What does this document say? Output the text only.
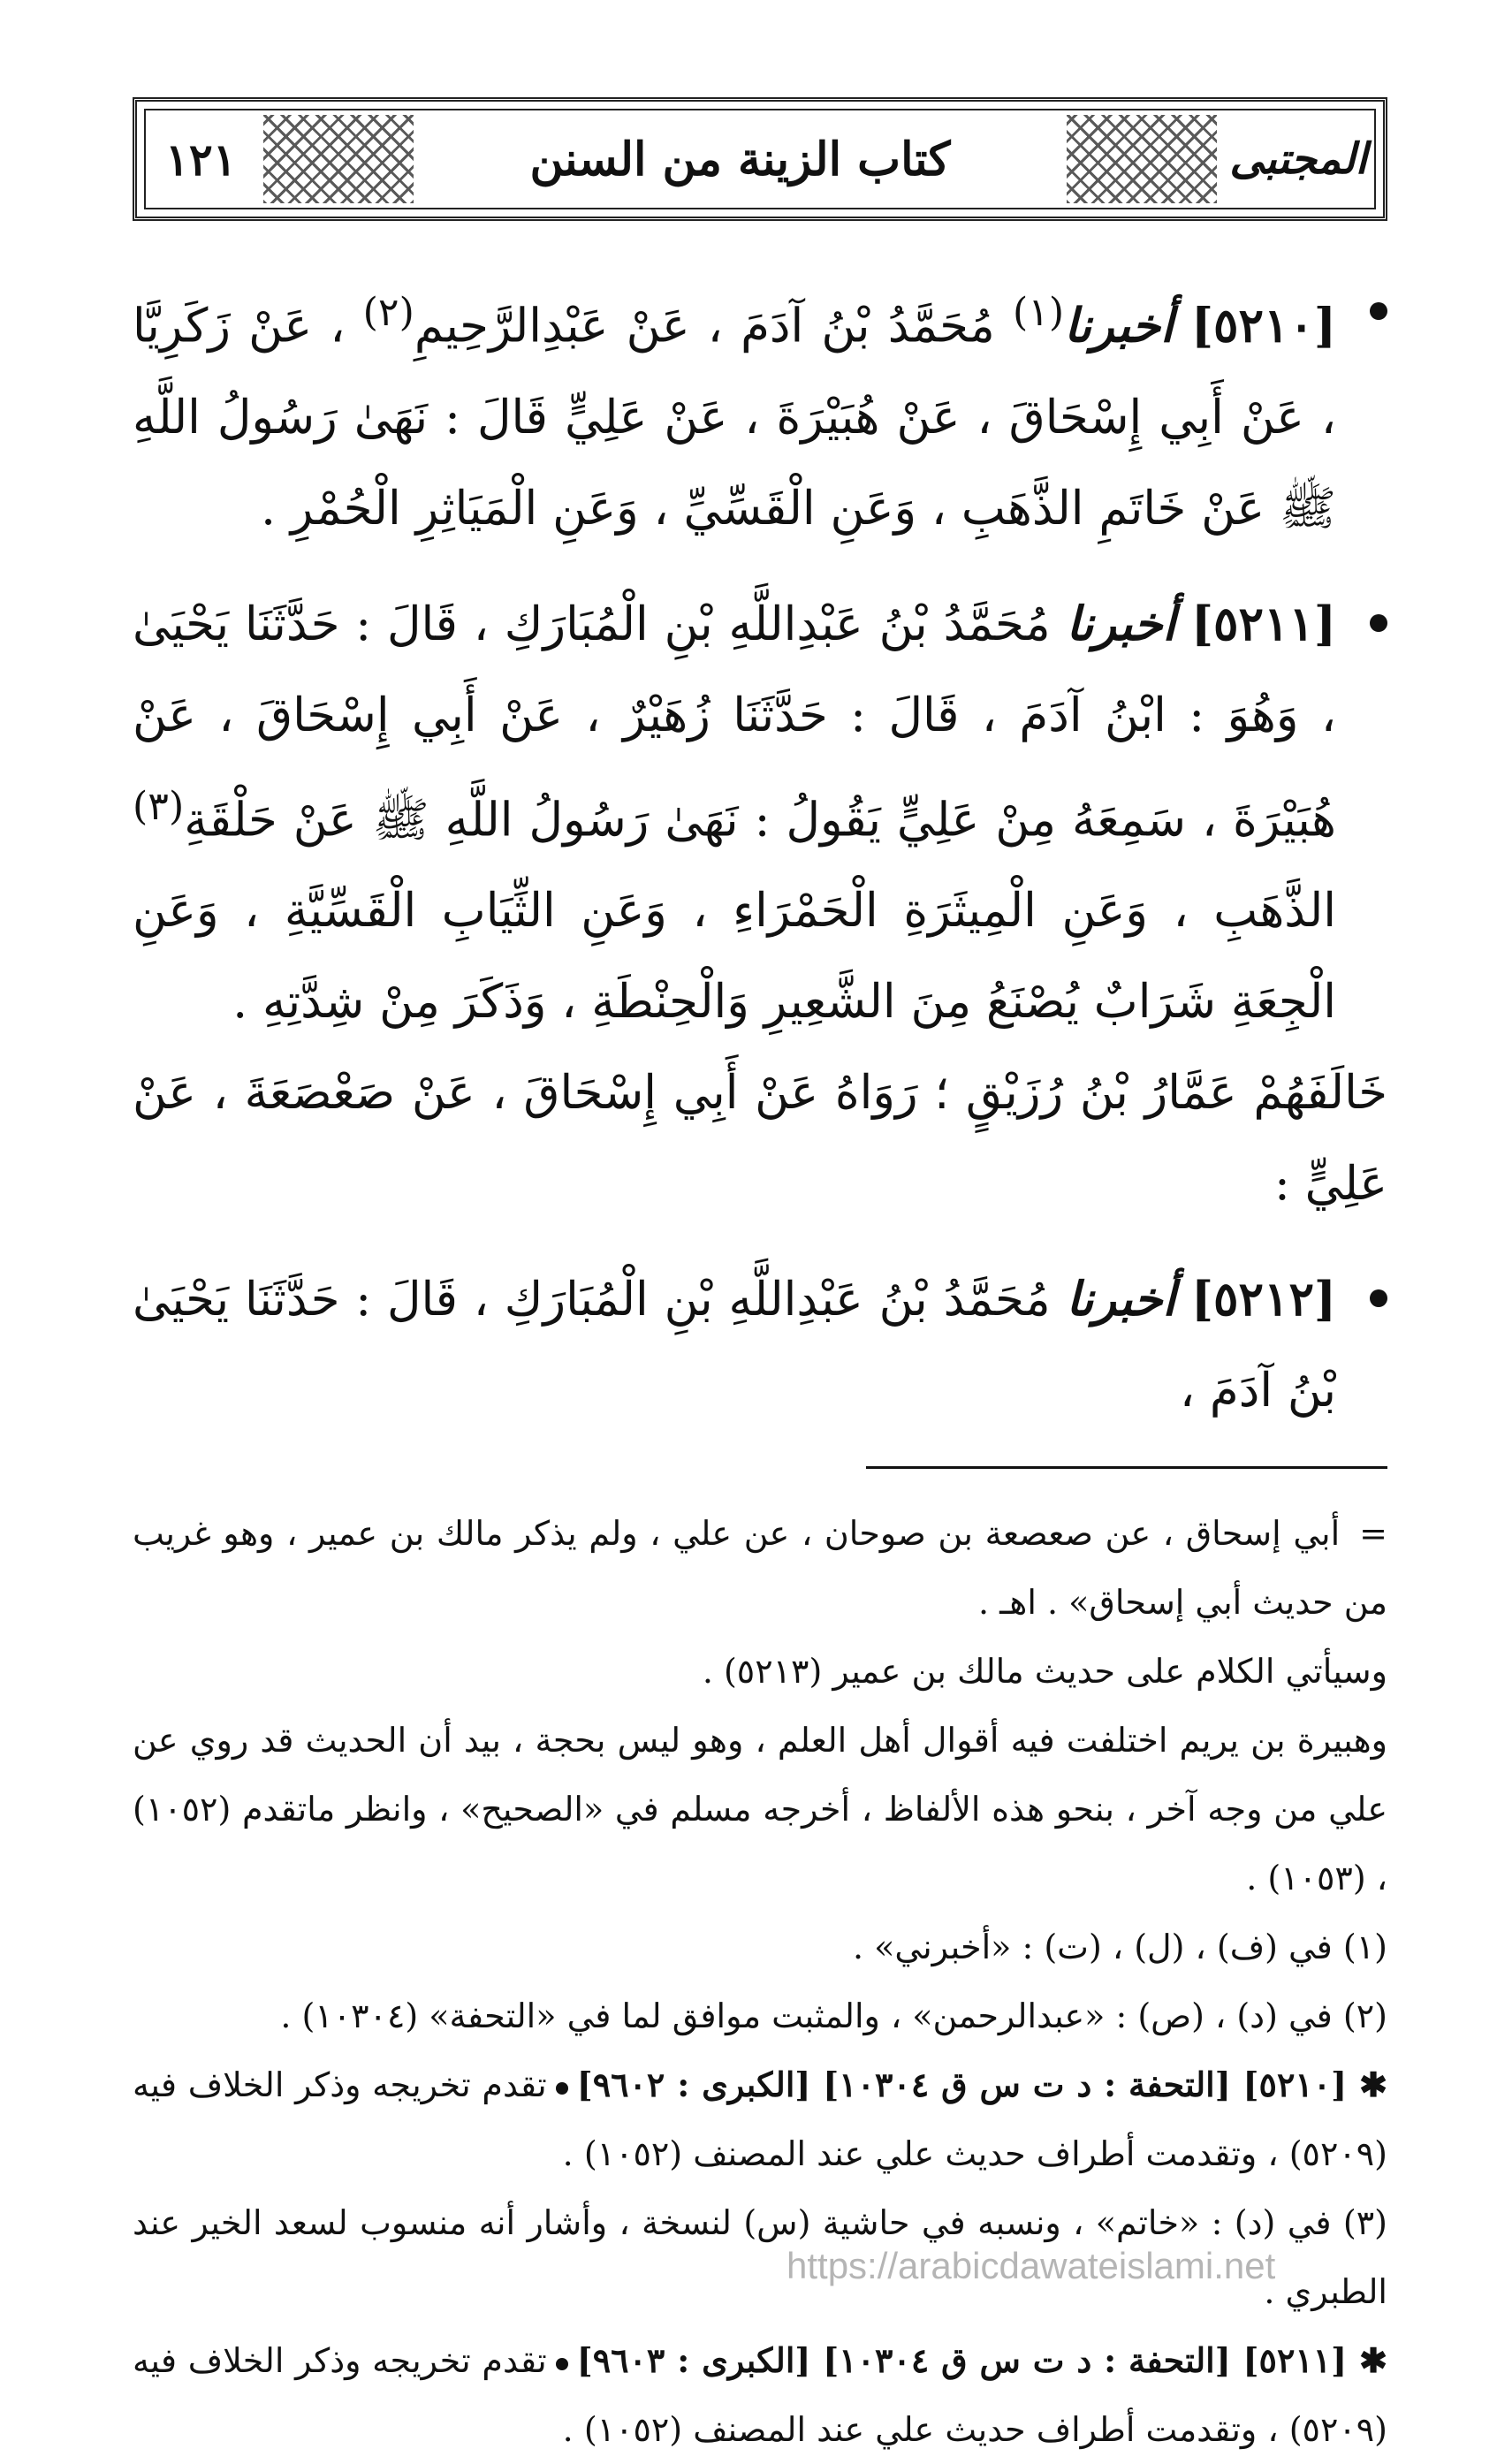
المجتبى
كتاب الزينة من السنن
١٢١

[٥٢١٠] أخبرنا$^{(١)}$ مُحَمَّدُ بْنُ آدَمَ ، عَنْ عَبْدِالرَّحِيمِ$^{(٢)}$ ، عَنْ زَكَرِيَّا ، عَنْ أَبِي إِسْحَاقَ ، عَنْ هُبَيْرَةَ ، عَنْ عَلِيٍّ قَالَ : نَهَىٰ رَسُولُ اللَّهِ ﷺ عَنْ خَاتَمِ الذَّهَبِ ، وَعَنِ الْقَسِّيِّ ، وَعَنِ الْمَيَاثِرِ الْحُمْرِ .

[٥٢١١] أخبرنا مُحَمَّدُ بْنُ عَبْدِاللَّهِ بْنِ الْمُبَارَكِ ، قَالَ : حَدَّثَنَا يَحْيَىٰ ، وَهُوَ : ابْنُ آدَمَ ، قَالَ : حَدَّثَنَا زُهَيْرٌ ، عَنْ أَبِي إِسْحَاقَ ، عَنْ هُبَيْرَةَ ، سَمِعَهُ مِنْ عَلِيٍّ يَقُولُ : نَهَىٰ رَسُولُ اللَّهِ ﷺ عَنْ حَلْقَةِ$^{(٣)}$ الذَّهَبِ ، وَعَنِ الْمِيثَرَةِ الْحَمْرَاءِ ، وَعَنِ الثِّيَابِ الْقَسِّيَّةِ ، وَعَنِ الْجِعَةِ شَرَابٌ يُصْنَعُ مِنَ الشَّعِيرِ وَالْحِنْطَةِ ، وَذَكَرَ مِنْ شِدَّتِهِ .

خَالَفَهُمْ عَمَّارُ بْنُ رُزَيْقٍ ؛ رَوَاهُ عَنْ أَبِي إِسْحَاقَ ، عَنْ صَعْصَعَةَ ، عَنْ عَلِيٍّ :

[٥٢١٢] أخبرنا مُحَمَّدُ بْنُ عَبْدِاللَّهِ بْنِ الْمُبَارَكِ ، قَالَ : حَدَّثَنَا يَحْيَىٰ بْنُ آدَمَ ،

=أبي إسحاق ، عن صعصعة بن صوحان ، عن علي ، ولم يذكر مالك بن عمير ، وهو غريب من حديث أبي إسحاق» . اهـ .

وسيأتي الكلام على حديث مالك بن عمير (٥٢١٣) .

وهبيرة بن يريم اختلفت فيه أقوال أهل العلم ، وهو ليس بحجة ، بيد أن الحديث قد روي عن علي من وجه آخر ، بنحو هذه الألفاظ ، أخرجه مسلم في «الصحيح» ، وانظر ماتقدم (١٠٥٢) ، (١٠٥٣) .

(١) في (ف) ، (ل) ، (ت) : «أخبرني» .

(٢) في (د) ، (ص) : «عبدالرحمن» ، والمثبت موافق لما في «التحفة» (١٠٣٠٤) .

✱[٥٢١٠] [التحفة : د ت س ق ١٠٣٠٤] [الكبرى : ٩٦٠٢]تقدم تخريجه وذكر الخلاف فيه (٥٢٠٩) ، وتقدمت أطراف حديث علي عند المصنف (١٠٥٢) .

(٣) في (د) : «خاتم» ، ونسبه في حاشية (س) لنسخة ، وأشار أنه منسوب لسعد الخير عند الطبري .

✱[٥٢١١] [التحفة : د ت س ق ١٠٣٠٤] [الكبرى : ٩٦٠٣]تقدم تخريجه وذكر الخلاف فيه (٥٢٠٩) ، وتقدمت أطراف حديث علي عند المصنف (١٠٥٢) .

https://arabicdawateislami.net
